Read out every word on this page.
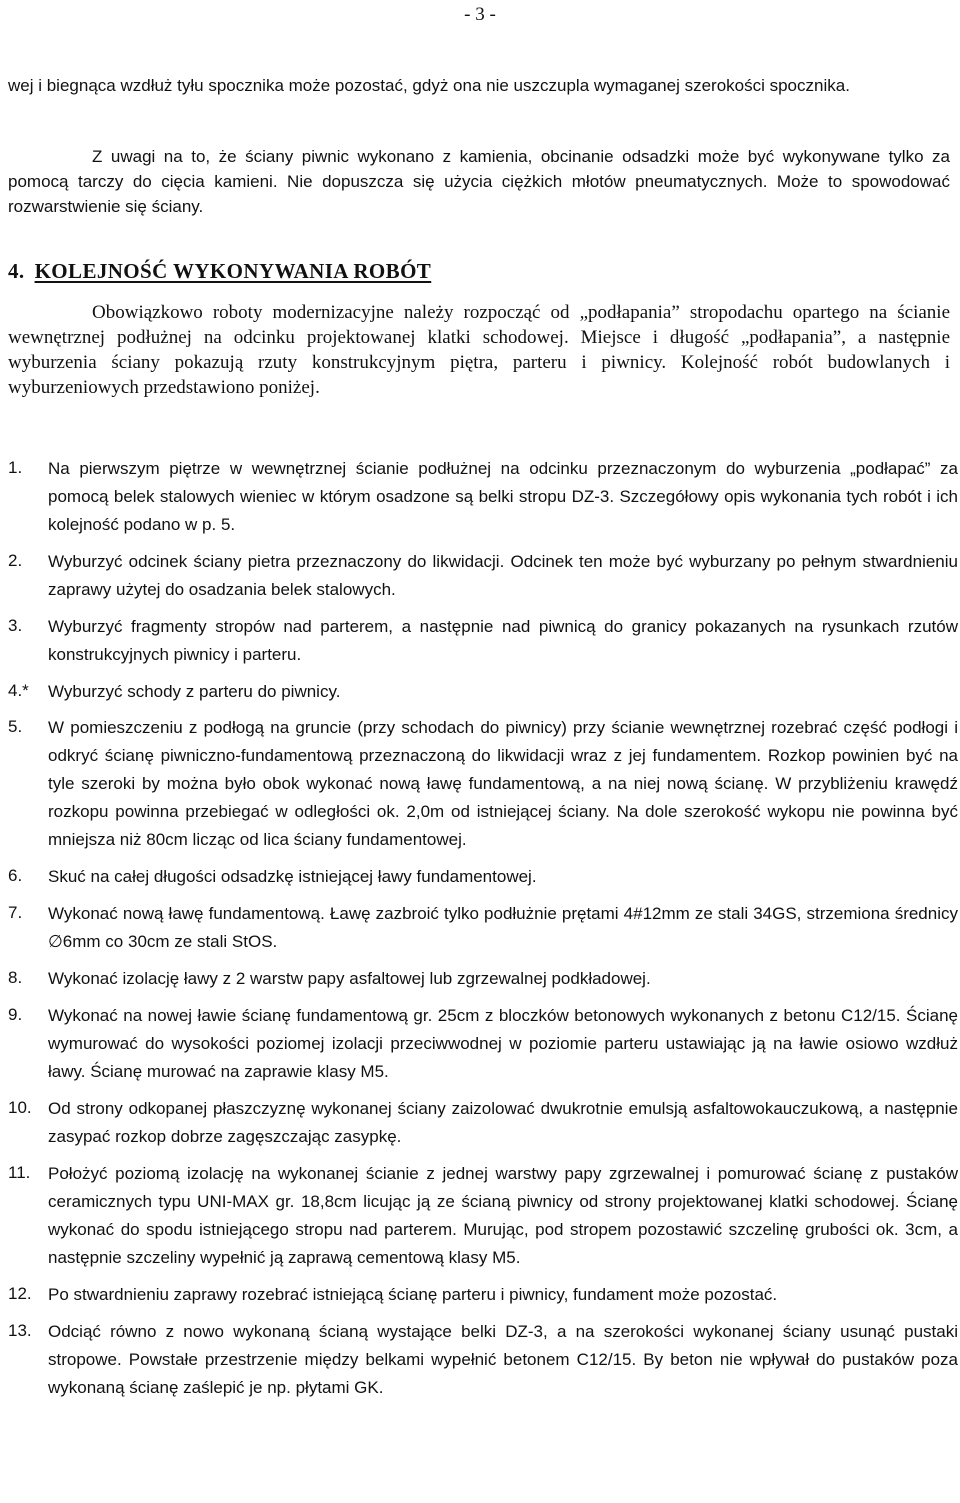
- 3 -

wej i biegnąca wzdłuż tyłu spocznika może pozostać, gdyż ona nie uszczupla wymaganej szerokości spocznika.

Z uwagi na to, że ściany piwnic wykonano z kamienia, obcinanie odsadzki może być wykonywane tylko za pomocą tarczy do cięcia kamieni. Nie dopuszcza się użycia ciężkich młotów pneumatycznych. Może to spowodować rozwarstwienie się ściany.

4. KOLEJNOŚĆ WYKONYWANIA ROBÓT

Obowiązkowo roboty modernizacyjne należy rozpocząć od „podłapania” stropodachu opartego na ścianie wewnętrznej podłużnej na odcinku projektowanej klatki schodowej. Miejsce i długość „podłapania”, a następnie wyburzenia ściany pokazują rzuty konstrukcyjnym piętra, parteru i piwnicy. Kolejność robót budowlanych i wyburzeniowych przedstawiono poniżej.

1. Na pierwszym piętrze w wewnętrznej ścianie podłużnej na odcinku przeznaczonym do wyburzenia „podłapać” za pomocą belek stalowych wieniec w którym osadzone są belki stropu DZ-3. Szczegółowy opis wykonania tych robót i ich kolejność podano w p. 5.

2. Wyburzyć odcinek ściany pietra przeznaczony do likwidacji. Odcinek ten może być wyburzany po pełnym stwardnieniu zaprawy użytej do osadzania belek stalowych.

3. Wyburzyć fragmenty stropów nad parterem, a następnie nad piwnicą do granicy pokazanych na rysunkach rzutów konstrukcyjnych piwnicy i parteru.

4.* Wyburzyć schody z parteru do piwnicy.

5. W pomieszczeniu z podłogą na gruncie (przy schodach do piwnicy) przy ścianie wewnętrznej rozebrać część podłogi i odkryć ścianę piwniczno-fundamentową przeznaczoną do likwidacji wraz z jej fundamentem. Rozkop powinien być na tyle szeroki by można było obok wykonać nową ławę fundamentową, a na niej nową ścianę. W przybliżeniu krawędź rozkopu powinna przebiegać w odległości ok. 2,0m od istniejącej ściany. Na dole szerokość wykopu nie powinna być mniejsza niż 80cm licząc od lica ściany fundamentowej.

6. Skuć na całej długości odsadzkę istniejącej ławy fundamentowej.

7. Wykonać nową ławę fundamentową. Ławę zazbroić tylko podłużnie prętami 4#12mm ze stali 34GS, strzemiona średnicy ∅6mm co 30cm ze stali StOS.

8. Wykonać izolację ławy z 2 warstw papy asfaltowej lub zgrzewalnej podkładowej.

9. Wykonać na nowej ławie ścianę fundamentową gr. 25cm z bloczków betonowych wykonanych z betonu C12/15. Ścianę wymurować do wysokości poziomej izolacji przeciwwodnej w poziomie parteru ustawiając ją na ławie osiowo wzdłuż ławy. Ścianę murować na zaprawie klasy M5.

10. Od strony odkopanej płaszczyznę wykonanej ściany zaizolować dwukrotnie emulsją asfaltowokauczukową, a następnie zasypać rozkop dobrze zagęszczając zasypkę.

11. Położyć poziomą izolację na wykonanej ścianie z jednej warstwy papy zgrzewalnej i pomurować ścianę z pustaków ceramicznych typu UNI-MAX gr. 18,8cm licując ją ze ścianą piwnicy od strony projektowanej klatki schodowej. Ścianę wykonać do spodu istniejącego stropu nad parterem. Murując, pod stropem pozostawić szczelinę grubości ok. 3cm, a następnie szczeliny wypełnić ją zaprawą cementową klasy M5.

12. Po stwardnieniu zaprawy rozebrać istniejącą ścianę parteru i piwnicy, fundament może pozostać.

13. Odciąć równo z nowo wykonaną ścianą wystające belki DZ-3, a na szerokości wykonanej ściany usunąć pustaki stropowe. Powstałe przestrzenie między belkami wypełnić betonem C12/15. By beton nie wpływał do pustaków poza wykonaną ścianę zaślepić je np. płytami GK.
